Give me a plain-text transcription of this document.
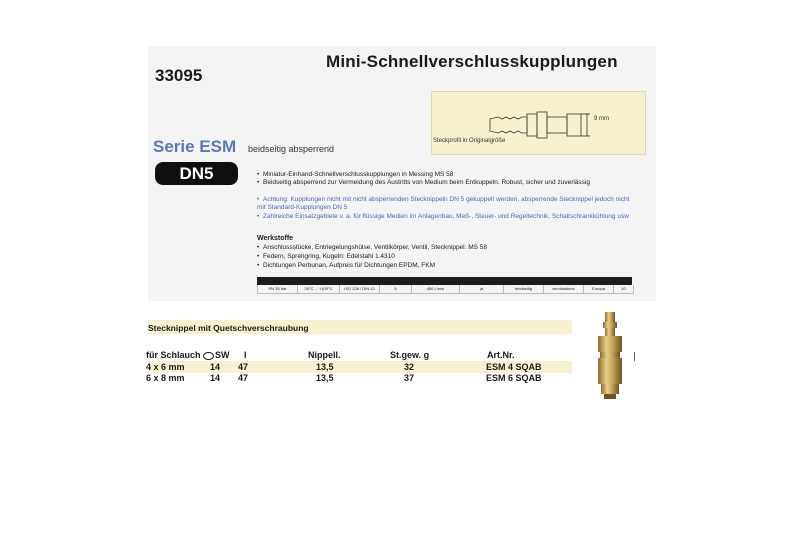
Mini-Schnellverschlusskupplungen
33095
9 mm
Steckprofil in Originalgröße
Serie ESM beidseitig absperrend
DN5	• Miniatur-Einhand-Schnellverschlusskupplungen in Messing MS 58
• Beidseitig absperrend zur Vermeidung des Austritts von Medium beim Entkuppeln. Robust, sicher und zuverlässig
• Achtung: Kupplungen nicht mit nicht absperrenden Stecknippeln DN 5 gekuppelt werden, absperrende Stecknippel jedoch nicht mit Standard-Kupplungen DN 5
• Zahlreiche Einsatzgebiete v. a. für flüssige Medien im Anlagenbau, Meß-, Steuer- und Regeltechnik, Schaltschrankkühlung usw
Werkstoffe
• Anschlussstücke, Entriegelungshülse, Ventilkörper, Ventil, Stecknippel: MS 58
• Federn, Sprengring, Kugeln: Edelstahl 1.4310
• Dichtungen Perbunan, Aufpreis für Dichtungen EPDM, FKM
PN 35 bar	20°C ... +100°C	ISO 228 / DIN 12	5	450 L/min	ja	beidseitig	verchlotdenc	Europa	10
Stecknippel mit Quetschverschraubung
für Schlauch	SW l	Nippell.	St.gew. g	Art.Nr.
4 x 6 mm	14 47	13,5	32	ESM 4 SQAB
6 x 8 mm	14 47	13,5	37	ESM 6 SQAB
